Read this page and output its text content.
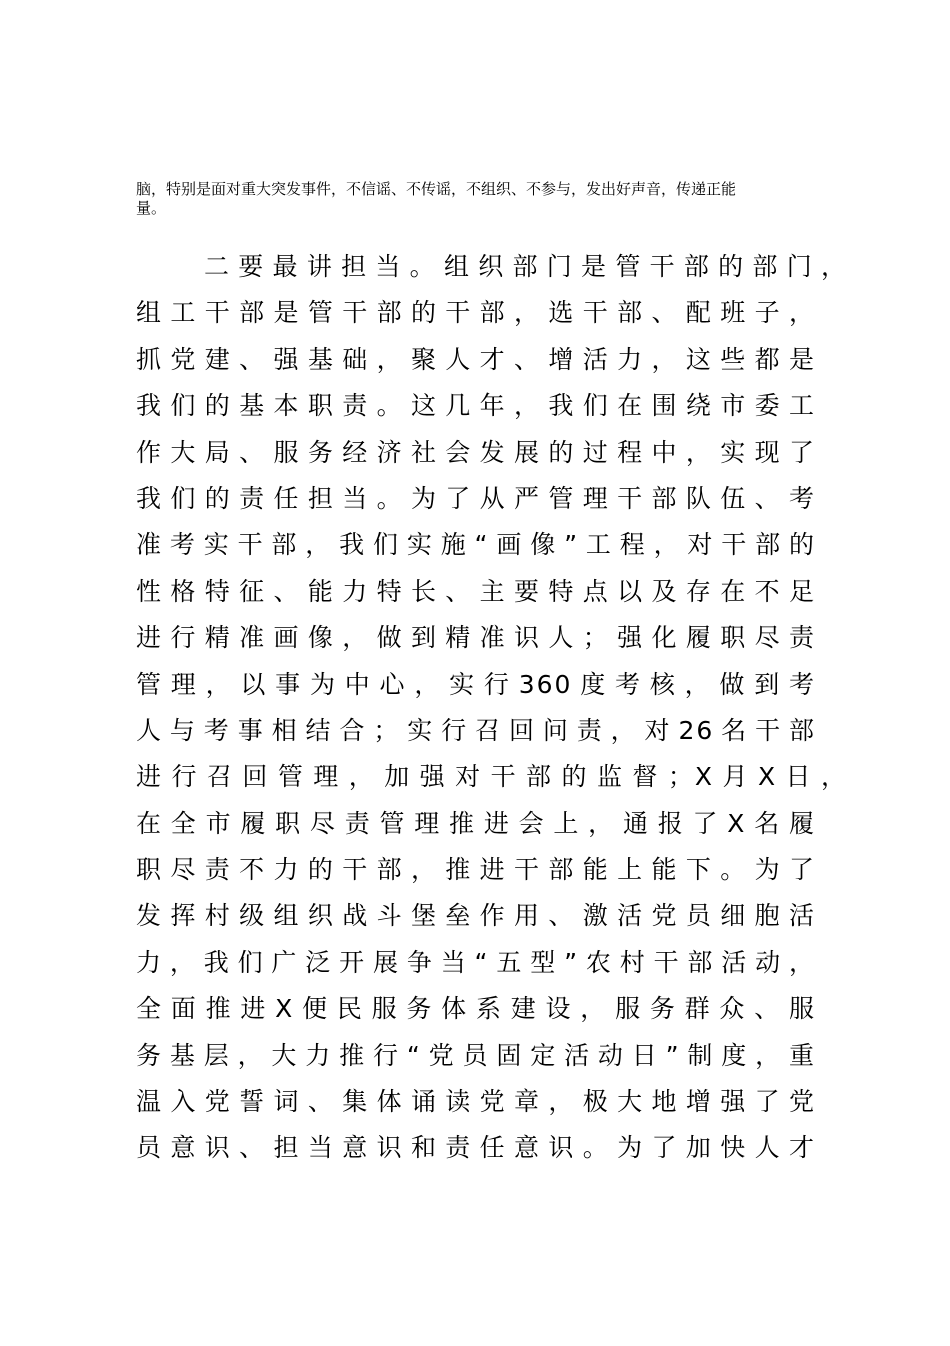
脑，特别是面对重大突发事件，不信谣、不传谣，不组织、不参与，发出好声音，传递正能
量。
二要最讲担当。组织部门是管干部的部门，
组工干部是管干部的干部，选干部、配班子，
抓党建、强基础，聚人才、增活力，这些都是
我们的基本职责。这几年，我们在围绕市委工
作大局、服务经济社会发展的过程中，实现了
我们的责任担当。为了从严管理干部队伍、考
准考实干部，我们实施“画像”工程，对干部的
性格特征、能力特长、主要特点以及存在不足
进行精准画像，做到精准识人；强化履职尽责
管理，以事为中心，实行360度考核，做到考
人与考事相结合；实行召回问责，对26名干部
进行召回管理，加强对干部的监督；X月X日，
在全市履职尽责管理推进会上，通报了X名履
职尽责不力的干部，推进干部能上能下。为了
发挥村级组织战斗堡垒作用、激活党员细胞活
力，我们广泛开展争当“五型”农村干部活动，
全面推进X便民服务体系建设，服务群众、服
务基层，大力推行“党员固定活动日”制度，重
温入党誓词、集体诵读党章，极大地增强了党
员意识、担当意识和责任意识。为了加快人才
